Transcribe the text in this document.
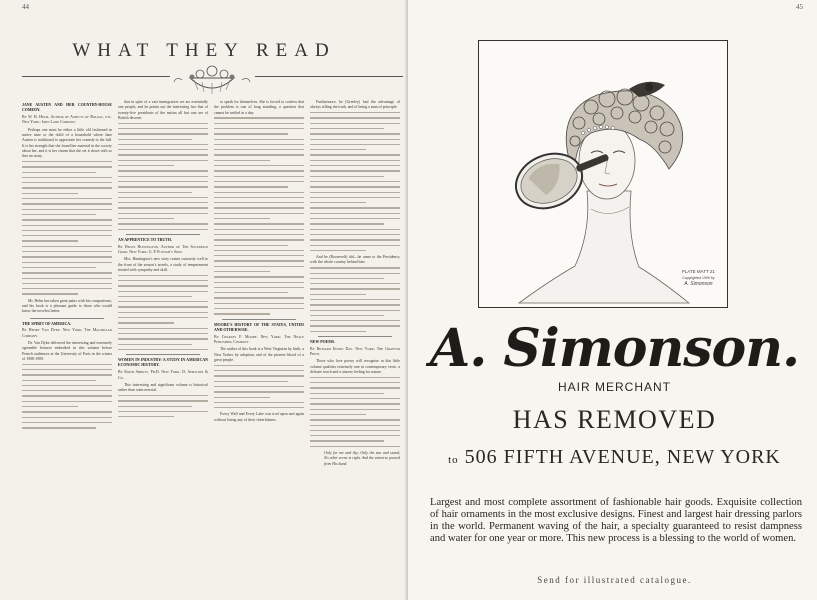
44
WHAT THEY READ

JANE AUSTEN AND HER COUNTRY-HOUSE COMEDY.

By W. H. Helm, Author of Aspects of Balzac, etc. New York: John Lane Company.

Perhaps one must be either a little old fashioned in native taste or the child of a household where Jane Austen is traditional to appreciate her comedy to the full. It is her strength that she found her material in the society about her, and it is her charm that she set it down with so fine an irony.

Mr. Helm has taken great pains with his comparisons, and his book is a pleasant guide to those who would know the novelist better.

THE SPIRIT OF AMERICA.

By Henry Van Dyke. New York: The Macmillan Company.

Dr. Van Dyke delivered the interesting and extremely agreeable lectures embodied in this volume before French audiences at the University of Paris in the winter of 1908-1909.

that in spite of a vast immigration we are essentially one people, and he points out the interesting fact that of twenty-five presidents of the nation all but one are of British descent.

AN APPRENTICE TO TRUTH.

By Helen Huntington, Author of The Sovereign Good. New York: G. P. Putnam's Sons.

Mrs. Huntington's new story comes curiously well to the front of the season's novels, a study of temperament treated with sympathy and skill.

WOMEN IN INDUSTRY: A STUDY IN AMERICAN ECONOMIC HISTORY.

By Edith Abbott, Ph.D. New York: D. Appleton & Co.

This interesting and significant volume is historical rather than controversial.

to speak for themselves. She is forced to confess that the problem is one of long standing, a question that cannot be settled in a day.

MOORE'S HISTORY OF THE STATES, UNITED AND OTHERWISE.

By Charles F. Moore. New York: The Neale Publishing Company.

The author of this book is a West Virginian by birth, a New Yorker by adoption, and of the pioneer blood of a great people.

Every Wall and Every Lake was trod upon and again without losing any of their cheerfulness.

Furthermore, he (Greeley) had the advantage of always telling the truth, and of being a man of principle.

And he (Roosevelt) did—he came to the Presidency with the whole country behind him.

NEW POEMS.

By Richard Edwin Day. New York: The Grafton Press.

Those who love poetry will recognise in this little volume qualities extremely rare in contemporary verse, a delicate touch and a sincere feeling for nature.

Only for me and thy; Only the sun and stand; No other scene is right. And the universe poured from His hand.

45
PLATE MATT 21
Copyrighted 1909 by
A. Simonson
A. Simonson.
HAIR MERCHANT
HAS REMOVED
to 506 FIFTH AVENUE, NEW YORK
Largest and most complete assortment of fashionable hair goods. Exquisite collection of hair ornaments in the most exclusive designs. Finest and largest hair dressing parlors in the world. Permanent waving of the hair, a specialty guaranteed to resist dampness and water for one year or more. This new process is a blessing to the world of women.
Send for illustrated catalogue.
